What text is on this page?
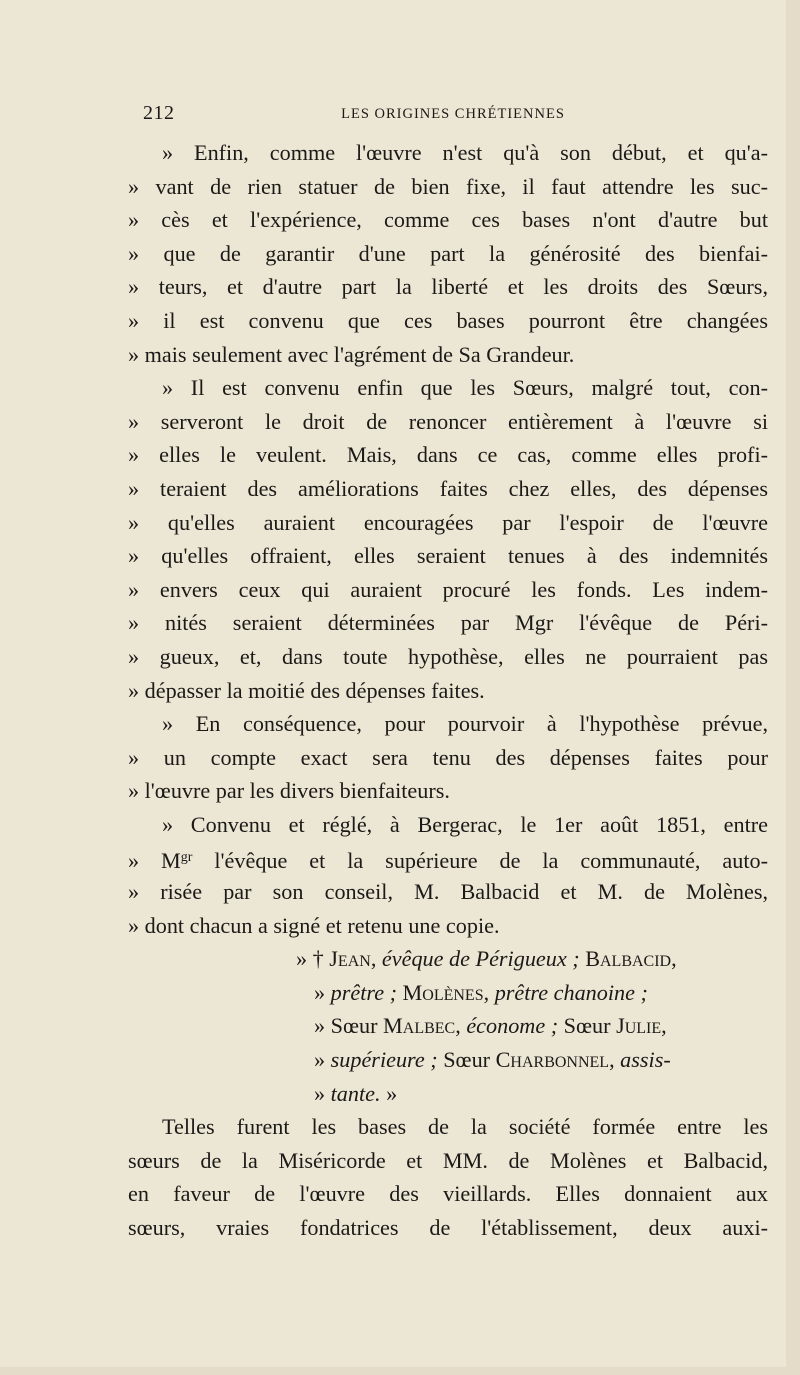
212	LES ORIGINES CHRÉTIENNES
» Enfin, comme l'œuvre n'est qu'à son début, et qu'a-
» vant de rien statuer de bien fixe, il faut attendre les suc-
» cès et l'expérience, comme ces bases n'ont d'autre but
» que de garantir d'une part la générosité des bienfai-
» teurs, et d'autre part la liberté et les droits des Sœurs,
» il est convenu que ces bases pourront être changées
» mais seulement avec l'agrément de Sa Grandeur.
» Il est convenu enfin que les Sœurs, malgré tout, con-
» serveront le droit de renoncer entièrement à l'œuvre si
» elles le veulent. Mais, dans ce cas, comme elles profi-
» teraient des améliorations faites chez elles, des dépenses
» qu'elles auraient encouragées par l'espoir de l'œuvre
» qu'elles offraient, elles seraient tenues à des indemnités
» envers ceux qui auraient procuré les fonds. Les indem-
» nités seraient déterminées par Mgr l'évêque de Péri-
» gueux, et, dans toute hypothèse, elles ne pourraient pas
» dépasser la moitié des dépenses faites.
» En conséquence, pour pourvoir à l'hypothèse prévue,
» un compte exact sera tenu des dépenses faites pour
» l'œuvre par les divers bienfaiteurs.
» Convenu et réglé, à Bergerac, le 1er août 1851, entre
» $M^{gr}$ l'évêque et la supérieure de la communauté, auto-
» risée par son conseil, M. Balbacid et M. de Molènes,
» dont chacun a signé et retenu une copie.
» † Jean, évêque de Périgueux ; Balbacid,
» prêtre ; Molènes, prêtre chanoine ;
» Sœur Malbec, économe ; Sœur Julie,
» supérieure ; Sœur Charbonnel, assis-
» tante. »
Telles furent les bases de la société formée entre les
sœurs de la Miséricorde et MM. de Molènes et Balbacid,
en faveur de l'œuvre des vieillards. Elles donnaient aux
sœurs, vraies fondatrices de l'établissement, deux auxi-
